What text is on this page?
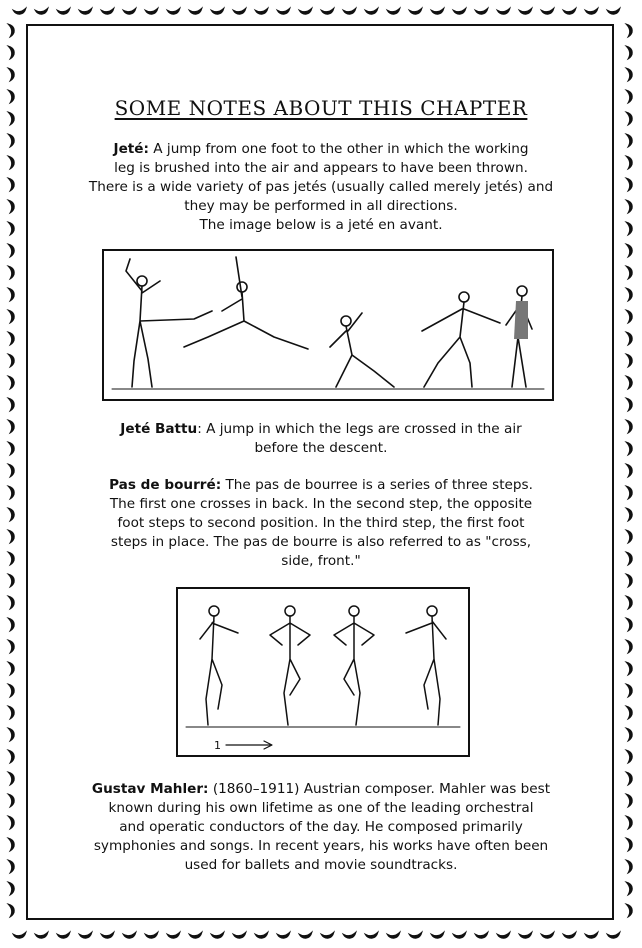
SOME NOTES ABOUT THIS CHAPTER
Jeté: A jump from one foot to the other in which the working
leg is brushed into the air and appears to have been thrown.
There is a wide variety of pas jetés (usually called merely jetés) and
they may be performed in all directions.
The image below is a jeté en avant.
Jeté Battu: A jump in which the legs are crossed in the air
before the descent.
Pas de bourré: The pas de bourree is a series of three steps.
The first one crosses in back. In the second step, the opposite
foot steps to second position. In the third step, the first foot
steps in place. The pas de bourre is also referred to as "cross,
side, front."
1
Gustav Mahler: (1860–1911) Austrian composer. Mahler was best
known during his own lifetime as one of the leading orchestral
and operatic conductors of the day. He composed primarily
symphonies and songs. In recent years, his works have often been
used for ballets and movie soundtracks.
